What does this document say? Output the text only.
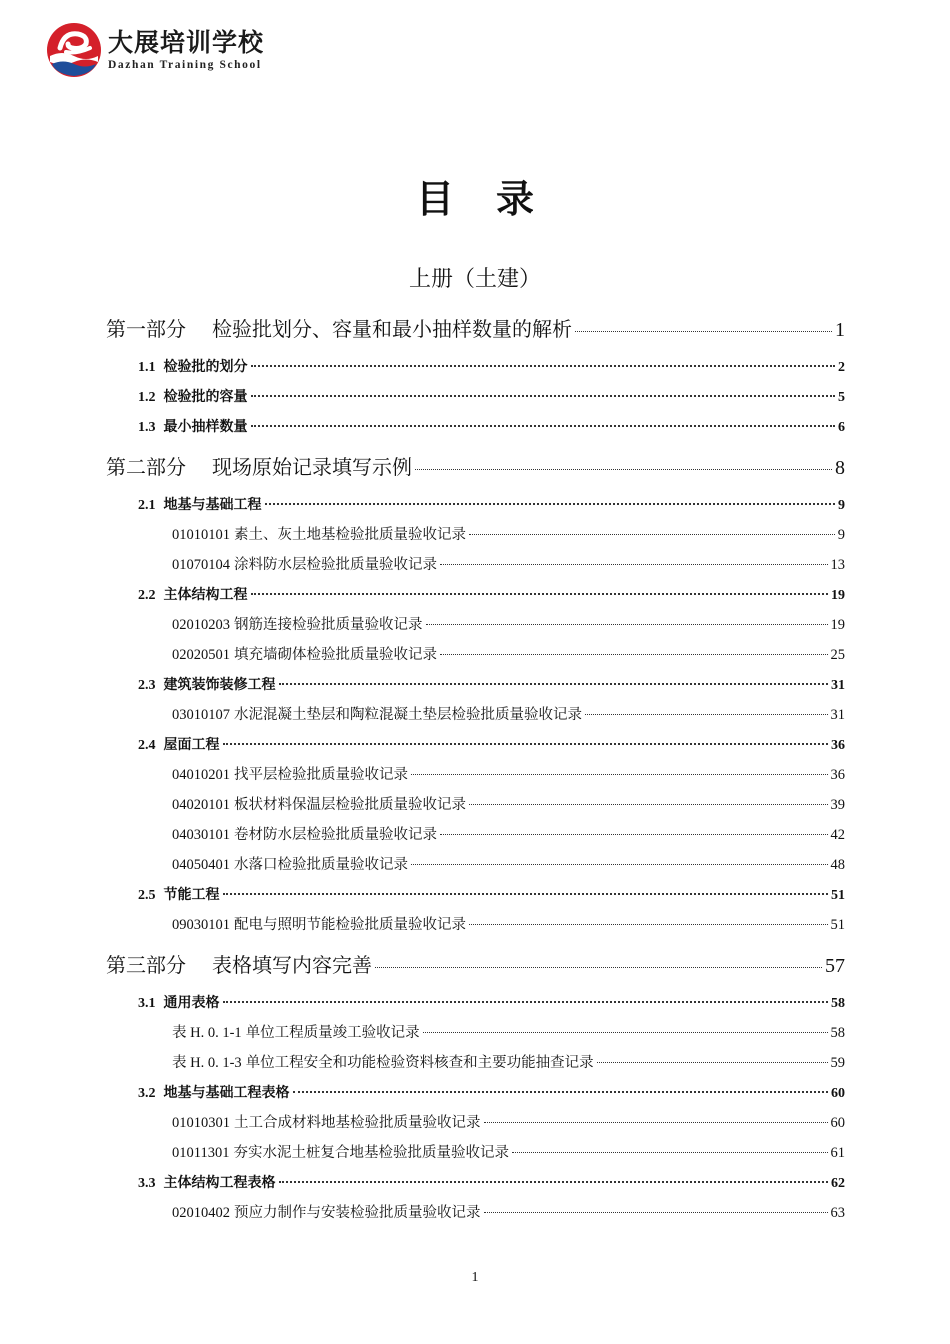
大展培训学校
Dazhan Training School
目录
上册（土建）
第一部分 检验批划分、容量和最小抽样数量的解析	1
1.1 检验批的划分	2
1.2 检验批的容量	5
1.3 最小抽样数量	6
第二部分 现场原始记录填写示例	8
2.1 地基与基础工程	9
01010101 素土、灰土地基检验批质量验收记录	9
01070104 涂料防水层检验批质量验收记录	13
2.2 主体结构工程	19
02010203 钢筋连接检验批质量验收记录	19
02020501 填充墙砌体检验批质量验收记录	25
2.3 建筑装饰装修工程	31
03010107 水泥混凝土垫层和陶粒混凝土垫层检验批质量验收记录	31
2.4 屋面工程	36
04010201 找平层检验批质量验收记录	36
04020101 板状材料保温层检验批质量验收记录	39
04030101 卷材防水层检验批质量验收记录	42
04050401 水落口检验批质量验收记录	48
2.5 节能工程	51
09030101 配电与照明节能检验批质量验收记录	51
第三部分 表格填写内容完善	57
3.1 通用表格	58
表 H. 0. 1-1 单位工程质量竣工验收记录	58
表 H. 0. 1-3 单位工程安全和功能检验资料核查和主要功能抽查记录	59
3.2 地基与基础工程表格	60
01010301 土工合成材料地基检验批质量验收记录	60
01011301 夯实水泥土桩复合地基检验批质量验收记录	61
3.3 主体结构工程表格	62
02010402 预应力制作与安装检验批质量验收记录	63
1
